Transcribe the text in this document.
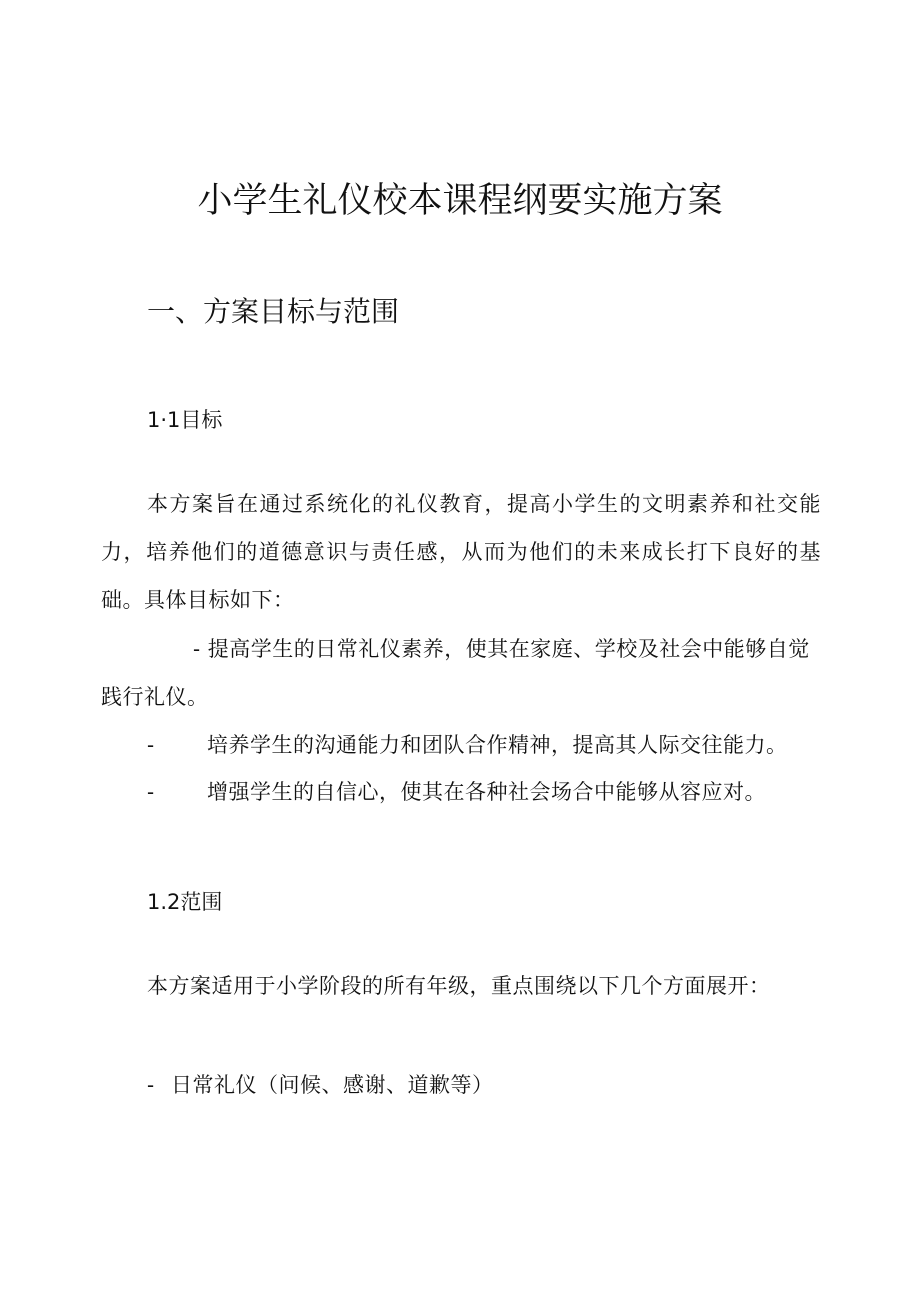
小学生礼仪校本课程纲要实施方案
一、方案目标与范围
1·1目标
本方案旨在通过系统化的礼仪教育，提高小学生的文明素养和社交能力，培养他们的道德意识与责任感，从而为他们的未来成长打下良好的基础。具体目标如下：
- 提高学生的日常礼仪素养，使其在家庭、学校及社会中能够自觉践行礼仪。
- 培养学生的沟通能力和团队合作精神，提高其人际交往能力。
- 增强学生的自信心，使其在各种社会场合中能够从容应对。
1.2范围
本方案适用于小学阶段的所有年级，重点围绕以下几个方面展开：
- 日常礼仪（问候、感谢、道歉等）
